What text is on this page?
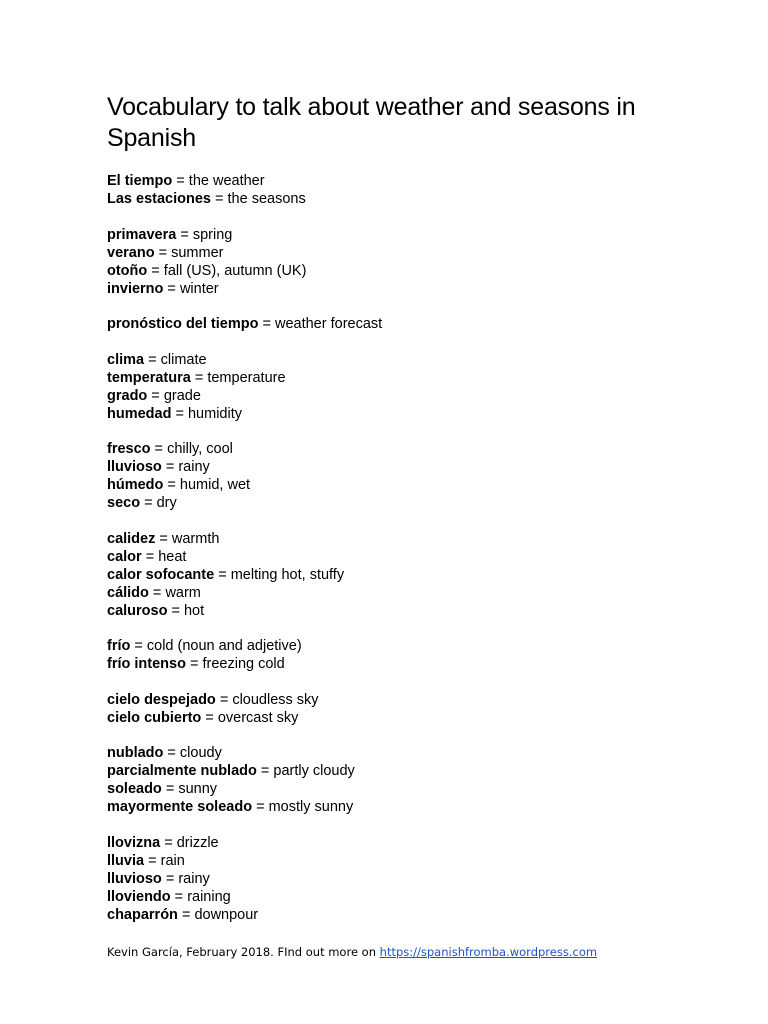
Vocabulary to talk about weather and seasons in Spanish
El tiempo = the weather
Las estaciones = the seasons
primavera = spring
verano = summer
otoño = fall (US), autumn (UK)
invierno = winter
pronóstico del tiempo = weather forecast
clima = climate
temperatura = temperature
grado = grade
humedad = humidity
fresco = chilly, cool
lluvioso = rainy
húmedo = humid, wet
seco = dry
calidez = warmth
calor = heat
calor sofocante = melting hot, stuffy
cálido = warm
caluroso = hot
frío = cold (noun and adjetive)
frío intenso = freezing cold
cielo despejado = cloudless sky
cielo cubierto = overcast sky
nublado = cloudy
parcialmente nublado = partly cloudy
soleado = sunny
mayormente soleado = mostly sunny
llovizna = drizzle
lluvia = rain
lluvioso = rainy
lloviendo = raining
chaparrón = downpour
Kevin García, February 2018. FInd out more on https://spanishfromba.wordpress.com
